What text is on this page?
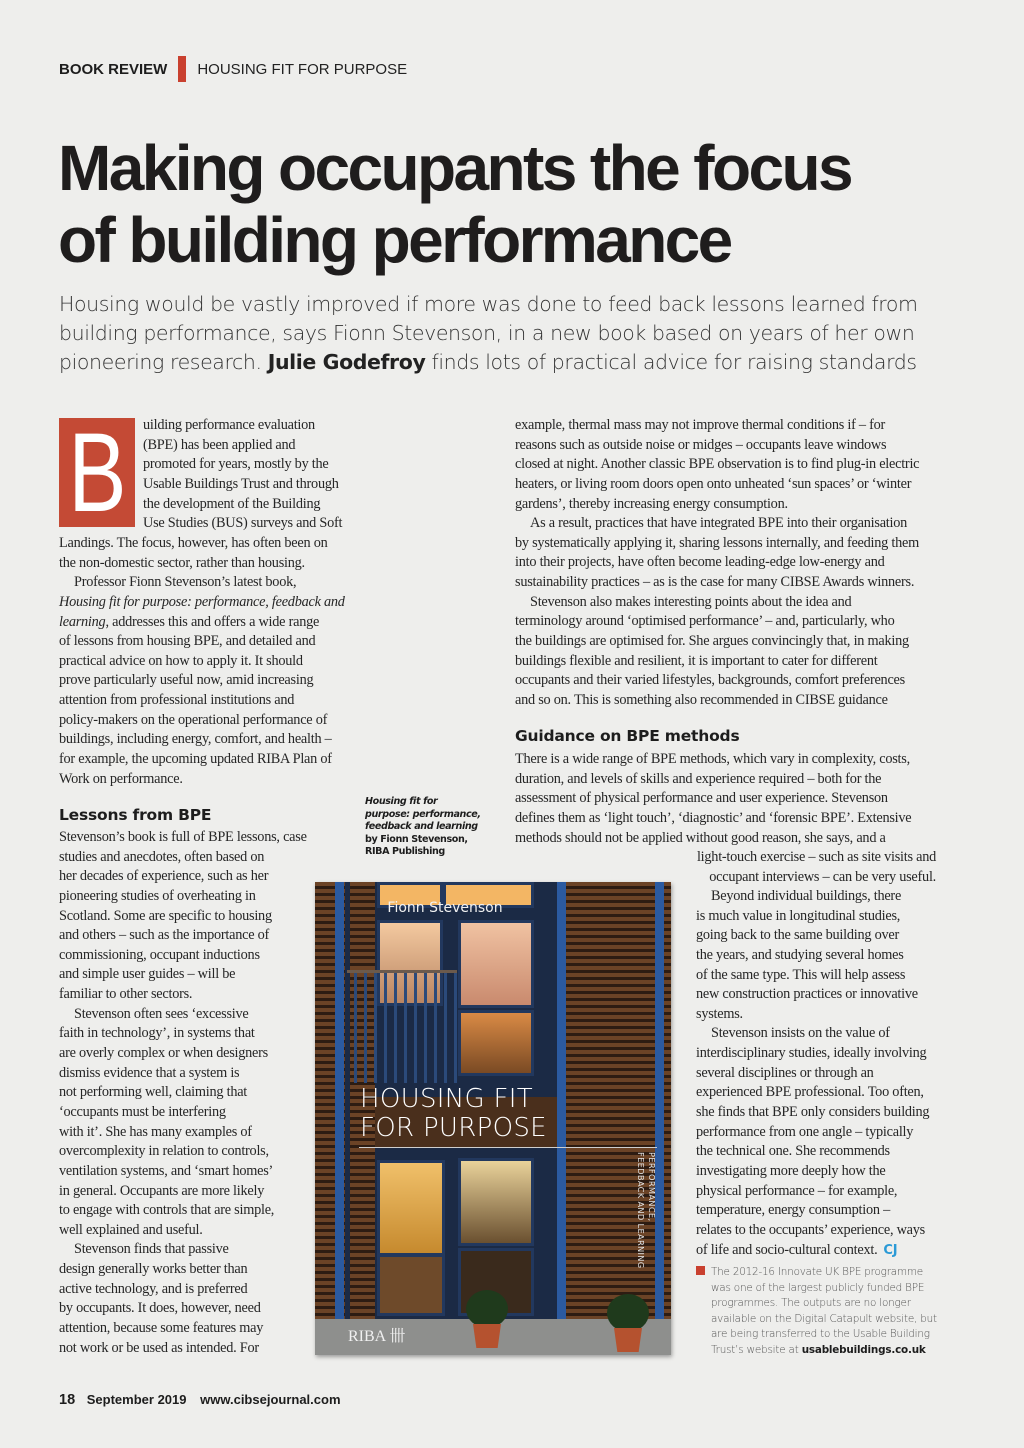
BOOK REVIEW HOUSING FIT FOR PURPOSE
Making occupants the focus
of building performance
Housing would be vastly improved if more was done to feed back lessons learned from building performance, says Fionn Stevenson, in a new book based on years of her own pioneering research. Julie Godefroy finds lots of practical advice for raising standards
B	uilding performance evaluation
(BPE) has been applied and
promoted for years, mostly by the
Usable Buildings Trust and through
the development of the Building
Use Studies (BUS) surveys and Soft
Landings. The focus, however, has often been on
the non-domestic sector, rather than housing.
Professor Fionn Stevenson’s latest book,
Housing fit for purpose: performance, feedback and
learning, addresses this and offers a wide range
of lessons from housing BPE, and detailed and
practical advice on how to apply it. It should
prove particularly useful now, amid increasing
attention from professional institutions and
policy-makers on the operational performance of
buildings, including energy, comfort, and health –
for example, the upcoming updated RIBA Plan of
Work on performance.
Lessons from BPE
Stevenson’s book is full of BPE lessons, case
studies and anecdotes, often based on
her decades of experience, such as her
pioneering studies of overheating in
Scotland. Some are specific to housing
and others – such as the importance of
commissioning, occupant inductions
and simple user guides – will be
familiar to other sectors.
Stevenson often sees ‘excessive
faith in technology’, in systems that
are overly complex or when designers
dismiss evidence that a system is
not performing well, claiming that
‘occupants must be interfering
with it’. She has many examples of
overcomplexity in relation to controls,
ventilation systems, and ‘smart homes’
in general. Occupants are more likely
to engage with controls that are simple,
well explained and useful.
Stevenson finds that passive
design generally works better than
active technology, and is preferred
by occupants. It does, however, need
attention, because some features may
not work or be used as intended. For
example, thermal mass may not improve thermal conditions if – for
reasons such as outside noise or midges – occupants leave windows
closed at night. Another classic BPE observation is to find plug-in electric
heaters, or living room doors open onto unheated ‘sun spaces’ or ‘winter
gardens’, thereby increasing energy consumption.
As a result, practices that have integrated BPE into their organisation
by systematically applying it, sharing lessons internally, and feeding them
into their projects, have often become leading-edge low-energy and
sustainability practices – as is the case for many CIBSE Awards winners.
Stevenson also makes interesting points about the idea and
terminology around ‘optimised performance’ – and, particularly, who
the buildings are optimised for. She argues convincingly that, in making
buildings flexible and resilient, it is important to cater for different
occupants and their varied lifestyles, backgrounds, comfort preferences
and so on. This is something also recommended in CIBSE guidance
Guidance on BPE methods
There is a wide range of BPE methods, which vary in complexity, costs,
duration, and levels of skills and experience required – both for the
assessment of physical performance and user experience. Stevenson
defines them as ‘light touch’, ‘diagnostic’ and ‘forensic BPE’. Extensive
methods should not be applied without good reason, she says, and a
light-touch exercise – such as site visits and
occupant interviews – can be very useful.
Beyond individual buildings, there
is much value in longitudinal studies,
going back to the same building over
the years, and studying several homes
of the same type. This will help assess
new construction practices or innovative
systems.
Stevenson insists on the value of
interdisciplinary studies, ideally involving
several disciplines or through an
experienced BPE professional. Too often,
she finds that BPE only considers building
performance from one angle – typically
the technical one. She recommends
investigating more deeply how the
physical performance – for example,
temperature, energy consumption –
relates to the occupants’ experience, ways
of life and socio-cultural context. CJ
Housing fit for
purpose: performance,
feedback and learning
by Fionn Stevenson,
RIBA Publishing
Fionn Stevenson
HOUSING FIT
FOR PURPOSE
PERFORMANCE,
FEEDBACK AND LEARNING
RIBA 卌
The 2012-16 Innovate UK BPE programme
was one of the largest publicly funded BPE
programmes. The outputs are no longer
available on the Digital Catapult website, but
are being transferred to the Usable Building
Trust’s website at usablebuildings.co.uk
18 September 2019 www.cibsejournal.com
